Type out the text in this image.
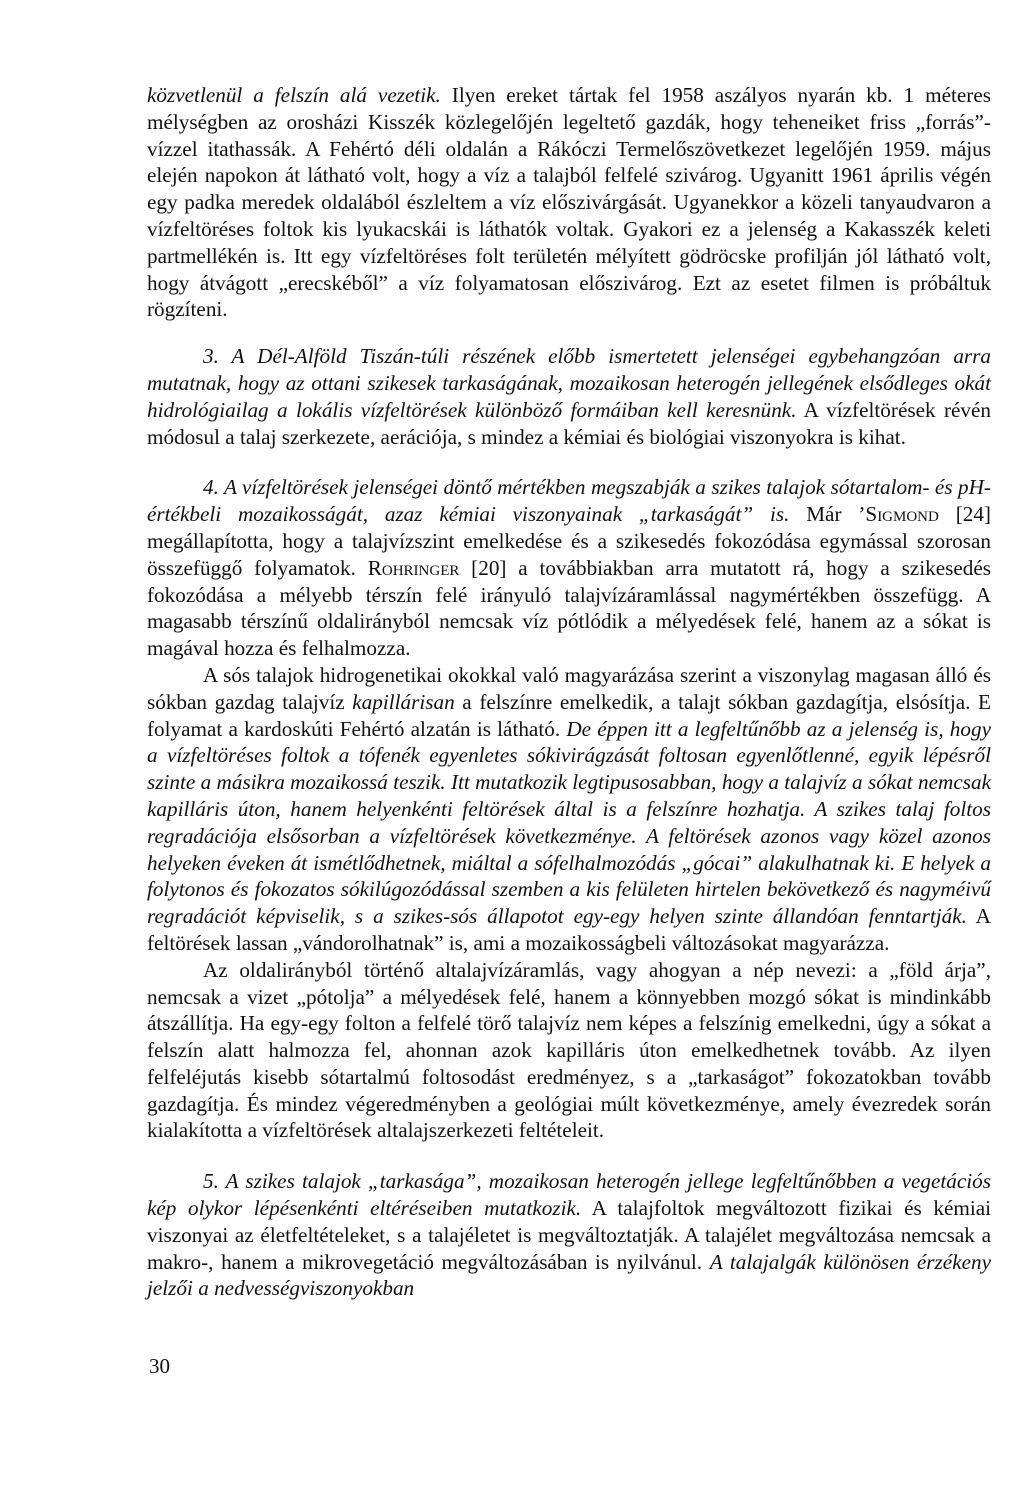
közvetlenül a felszín alá vezetik. Ilyen ereket tártak fel 1958 aszályos nyarán kb. 1 méteres mélységben az orosházi Kisszék közlegelőjén legeltető gazdák, hogy teheneiket friss „forrás”-vízzel itathassák. A Fehértó déli oldalán a Rákóczi Termelőszövetkezet legelőjén 1959. május elején napokon át látható volt, hogy a víz a talajból felfelé szivárog. Ugyanitt 1961 április végén egy padka meredek oldalából észleltem a víz előszivárgását. Ugyanekkor a közeli tanyaudvaron a vízfeltöréses foltok kis lyukacskái is láthatók voltak. Gyakori ez a jelenség a Kakasszék keleti partmellékén is. Itt egy vízfeltöréses folt területén mélyített gödröcske profilján jól látható volt, hogy átvágott „erecskéből” a víz folyamatosan előszivárog. Ezt az esetet filmen is próbáltuk rögzíteni.

3. A Dél-Alföld Tiszán-túli részének előbb ismertetett jelenségei egybehangzóan arra mutatnak, hogy az ottani szikesek tarkaságának, mozaikosan heterogén jellegének elsődleges okát hidrológiailag a lokális vízfeltörések különböző formáiban kell keresnünk. A vízfeltörések révén módosul a talaj szerkezete, aerációja, s mindez a kémiai és biológiai viszonyokra is kihat.

4. A vízfeltörések jelenségei döntő mértékben megszabják a szikes talajok sótartalom- és pH-értékbeli mozaikosságát, azaz kémiai viszonyainak „tarkaságát” is. Már ’Sigmond [24] megállapította, hogy a talajvízszint emelkedése és a szikesedés fokozódása egymással szorosan összefüggő folyamatok. Rohringer [20] a továbbiakban arra mutatott rá, hogy a szikesedés fokozódása a mélyebb térszín felé irányuló talajvízáramlással nagymértékben összefügg. A magasabb térszínű oldalirányból nemcsak víz pótlódik a mélyedések felé, hanem az a sókat is magával hozza és felhalmozza.

A sós talajok hidrogenetikai okokkal való magyarázása szerint a viszonylag magasan álló és sókban gazdag talajvíz kapillárisan a felszínre emelkedik, a talajt sókban gazdagítja, elsósítja. E folyamat a kardoskúti Fehértó alzatán is látható. De éppen itt a legfeltűnőbb az a jelenség is, hogy a vízfeltöréses foltok a tófenék egyenletes sókivirágzását foltosan egyenlőtlenné, egyik lépésről szinte a másikra mozaikossá teszik. Itt mutatkozik legtipusosabban, hogy a talajvíz a sókat nemcsak kapilláris úton, hanem helyenkénti feltörések által is a felszínre hozhatja. A szikes talaj foltos regradációja elsősorban a vízfeltörések következménye. A feltörések azonos vagy közel azonos helyeken éveken át ismétlődhetnek, miáltal a sófelhalmozódás „gócai” alakulhatnak ki. E helyek a folytonos és fokozatos sókilúgozódással szemben a kis felületen hirtelen bekövetkező és nagyméivű regradációt képviselik, s a szikes-sós állapotot egy-egy helyen szinte állandóan fenntartják. A feltörések lassan „vándorolhatnak” is, ami a mozaikosságbeli változásokat magyarázza.

Az oldalirányból történő altalajvízáramlás, vagy ahogyan a nép nevezi: a „föld árja”, nemcsak a vizet „pótolja” a mélyedések felé, hanem a könnyebben mozgó sókat is mindinkább átszállítja. Ha egy-egy folton a felfelé törő talajvíz nem képes a felszínig emelkedni, úgy a sókat a felszín alatt halmozza fel, ahonnan azok kapilláris úton emelkedhetnek tovább. Az ilyen felfeléjutás kisebb sótartalmú foltosodást eredményez, s a „tarkaságot” fokozatokban tovább gazdagítja. És mindez végeredményben a geológiai múlt következménye, amely évezredek során kialakította a vízfeltörések altalajszerkezeti feltételeit.

5. A szikes talajok „tarkasága”, mozaikosan heterogén jellege legfeltűnőbben a vegetációs kép olykor lépésenkénti eltéréseiben mutatkozik. A talajfoltok megváltozott fizikai és kémiai viszonyai az életfeltételeket, s a talajéletet is megváltoztatják. A talajélet megváltozása nemcsak a makro-, hanem a mikrovegetáció megváltozásában is nyilvánul. A talajalgák különösen érzékeny jelzői a nedvességviszonyokban

30
